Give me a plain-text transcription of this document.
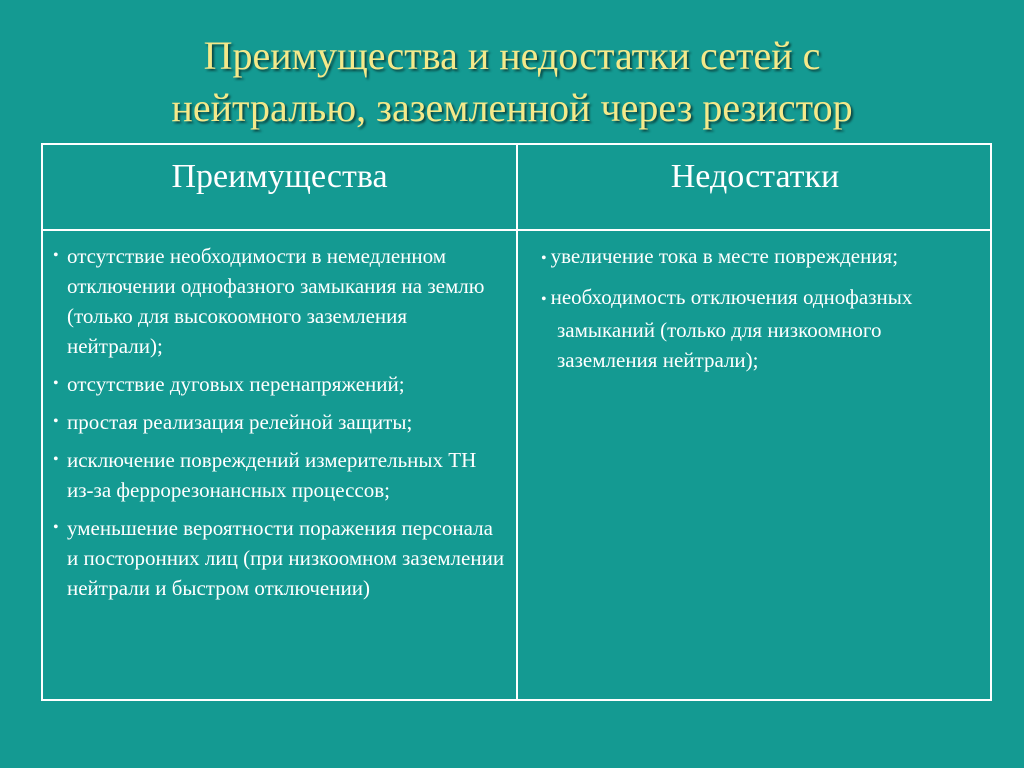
Преимущества и недостатки сетей с
нейтралью, заземленной через резистор
Преимущества	Недостатки
• отсутствие необходимости в немедленном отключении однофазного замыкания на землю (только для высокоомного заземления нейтрали);
• отсутствие дуговых перенапряжений;
• простая реализация релейной защиты;
• исключение повреждений измерительных ТН из-за феррорезонансных процессов;
• уменьшение вероятности поражения персонала и посторонних лиц (при низкоомном заземлении нейтрали и быстром отключении)
• увеличение тока в месте повреждения;
• необходимость отключения однофазных замыканий (только для низкоомного заземления нейтрали);
